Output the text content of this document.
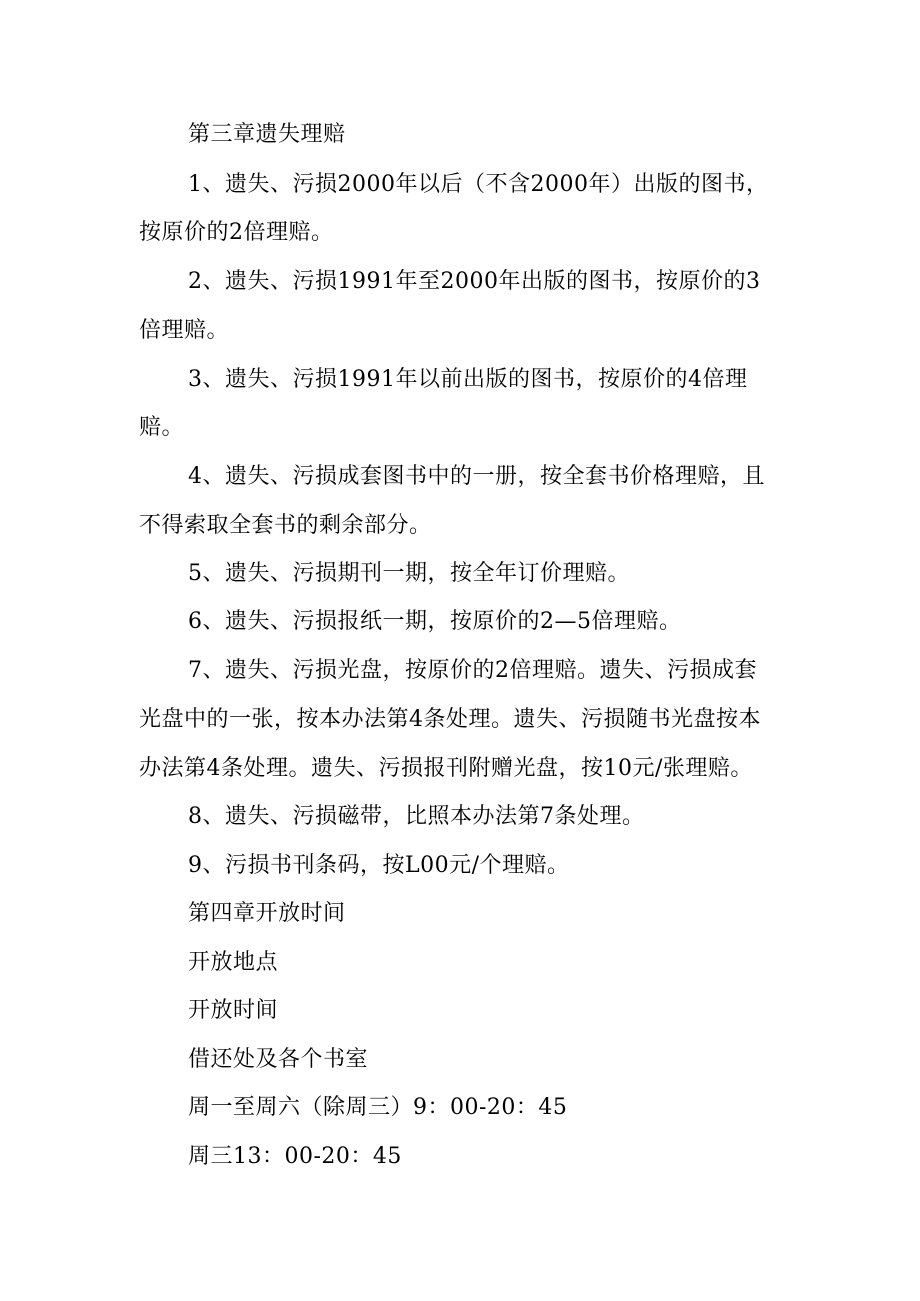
第三章遗失理赔

1、遗失、污损2000年以后（不含2000年）出版的图书，

按原价的2倍理赔。

2、遗失、污损1991年至2000年出版的图书，按原价的3

倍理赔。

3、遗失、污损1991年以前出版的图书，按原价的4倍理

赔。

4、遗失、污损成套图书中的一册，按全套书价格理赔，且

不得索取全套书的剩余部分。

5、遗失、污损期刊一期，按全年订价理赔。

6、遗失、污损报纸一期，按原价的2—5倍理赔。

7、遗失、污损光盘，按原价的2倍理赔。遗失、污损成套

光盘中的一张，按本办法第4条处理。遗失、污损随书光盘按本

办法第4条处理。遗失、污损报刊附赠光盘，按10元/张理赔。

8、遗失、污损磁带，比照本办法第7条处理。

9、污损书刊条码，按L00元/个理赔。

第四章开放时间

开放地点

开放时间

借还处及各个书室

周一至周六（除周三）9：00-20：45

周三13：00-20：45
